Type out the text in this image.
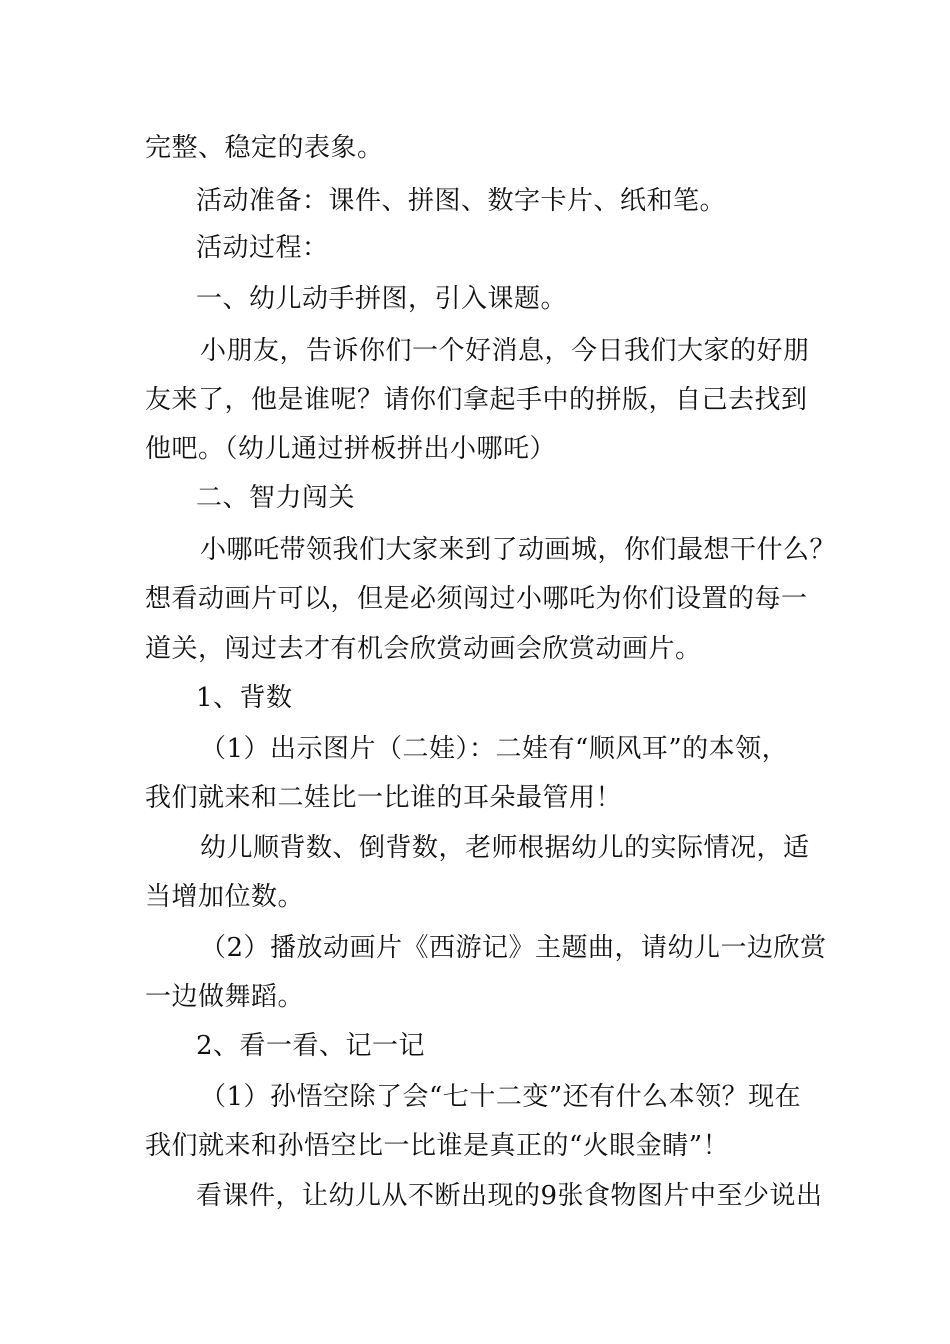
完整、稳定的表象。
活动准备：课件、拼图、数字卡片、纸和笔。
活动过程：
一、幼儿动手拼图，引入课题。
小朋友，告诉你们一个好消息，今日我们大家的好朋
友来了，他是谁呢？请你们拿起手中的拼版，自己去找到
他吧。（幼儿通过拼板拼出小哪吒）
二、智力闯关
小哪吒带领我们大家来到了动画城，你们最想干什么？
想看动画片可以，但是必须闯过小哪吒为你们设置的每一
道关，闯过去才有机会欣赏动画会欣赏动画片。
1、背数
（1）出示图片（二娃）：二娃有“顺风耳”的本领，
我们就来和二娃比一比谁的耳朵最管用！
幼儿顺背数、倒背数，老师根据幼儿的实际情况，适
当增加位数。
（2）播放动画片《西游记》主题曲，请幼儿一边欣赏
一边做舞蹈。
2、看一看、记一记
（1）孙悟空除了会“七十二变”还有什么本领？现在
我们就来和孙悟空比一比谁是真正的“火眼金睛”！
看课件，让幼儿从不断出现的9张食物图片中至少说出
